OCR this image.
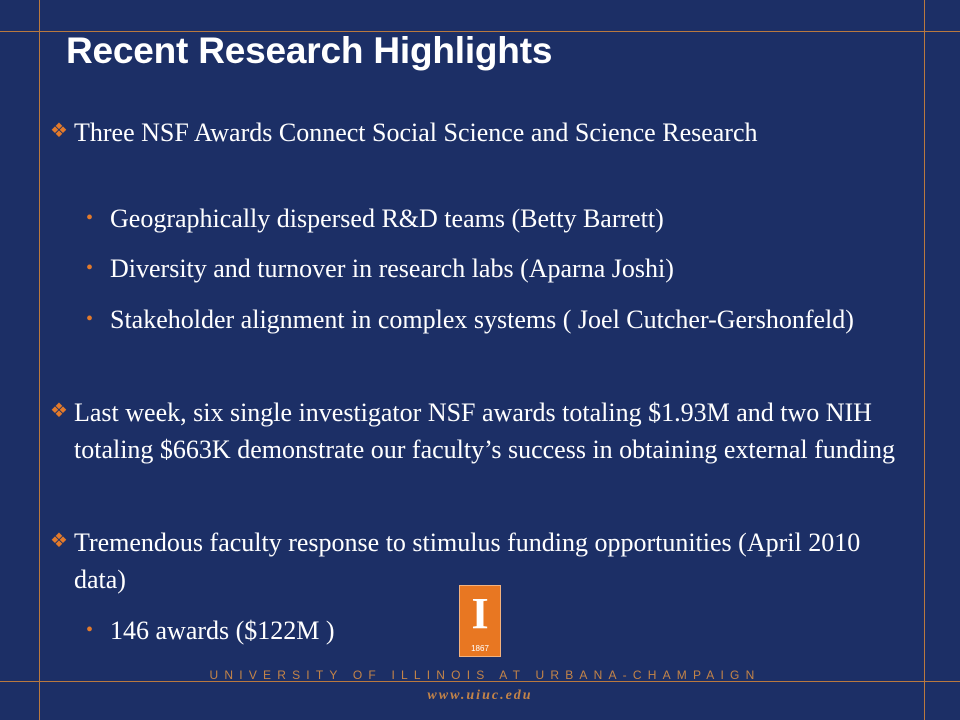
Recent Research Highlights
❖ Three NSF Awards Connect Social Science and Science Research
• Geographically dispersed R&D teams (Betty Barrett)
• Diversity and turnover in research labs (Aparna Joshi)
• Stakeholder alignment in complex systems ( Joel Cutcher-Gershonfeld)
❖ Last week, six single investigator NSF awards totaling $1.93M and two NIH totaling $663K demonstrate our faculty’s success in obtaining external funding
❖ Tremendous faculty response to stimulus funding opportunities (April 2010 data)
• 146 awards ($122M )	I
1867
UNIVERSITY OF ILLINOIS AT URBANA-CHAMPAIGN
www.uiuc.edu
